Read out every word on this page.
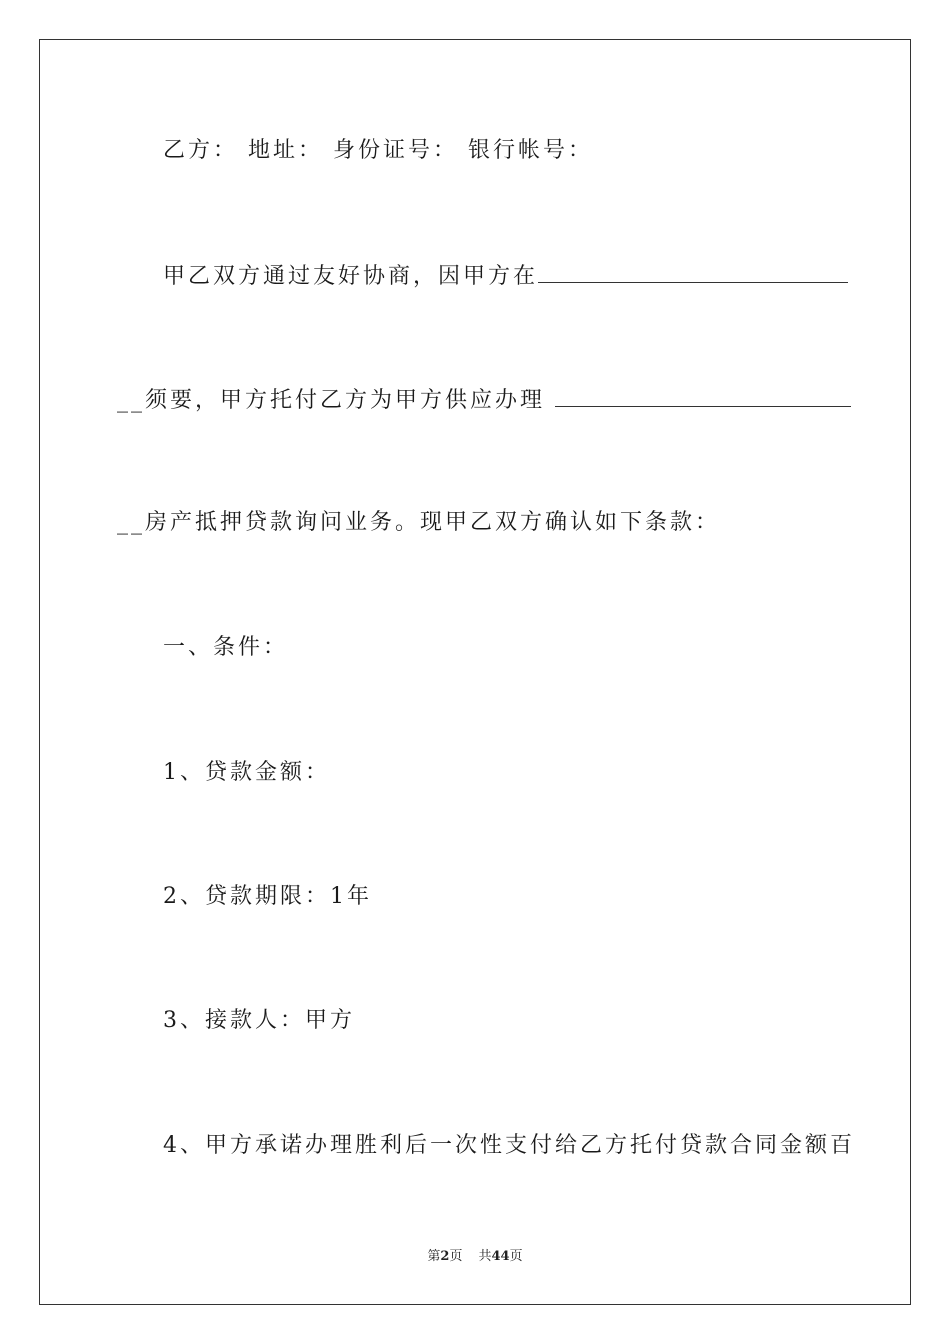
乙方： 地址： 身份证号： 银行帐号：
甲乙双方通过友好协商，因甲方在
__须要，甲方托付乙方为甲方供应办理
__房产抵押贷款询问业务。现甲乙双方确认如下条款：
一、条件：
1、贷款金额：
2、贷款期限：1年
3、接款人：甲方
4、甲方承诺办理胜利后一次性支付给乙方托付贷款合同金额百
第2页 共44页
